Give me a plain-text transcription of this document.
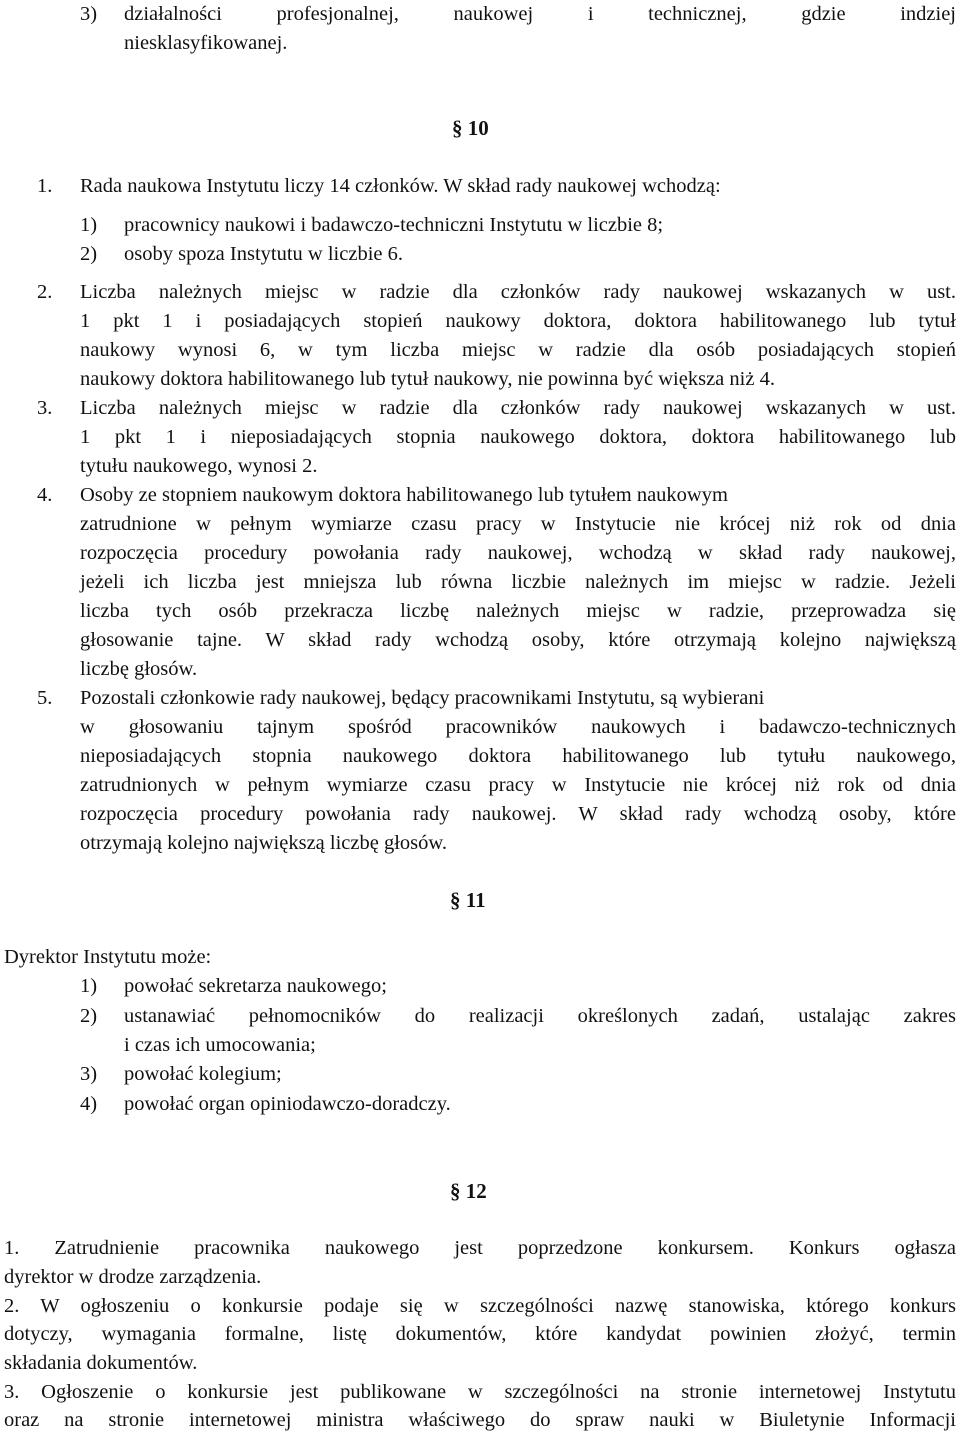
3) działalności profesjonalnej, naukowej i technicznej, gdzie indziej
niesklasyfikowanej.
§ 10
1. Rada naukowa Instytutu liczy 14 członków. W skład rady naukowej wchodzą:
1) pracownicy naukowi i badawczo-techniczni Instytutu w liczbie 8;
2) osoby spoza Instytutu w liczbie 6.
2. Liczba należnych miejsc w radzie dla członków rady naukowej wskazanych w ust.
1 pkt 1 i posiadających stopień naukowy doktora, doktora habilitowanego lub tytuł
naukowy wynosi 6, w tym liczba miejsc w radzie dla osób posiadających stopień
naukowy doktora habilitowanego lub tytuł naukowy, nie powinna być większa niż 4.
3. Liczba należnych miejsc w radzie dla członków rady naukowej wskazanych w ust.
1 pkt 1 i nieposiadających stopnia naukowego doktora, doktora habilitowanego lub
tytułu naukowego, wynosi 2.
4. Osoby ze stopniem naukowym doktora habilitowanego lub tytułem naukowym
zatrudnione w pełnym wymiarze czasu pracy w Instytucie nie krócej niż rok od dnia
rozpoczęcia procedury powołania rady naukowej, wchodzą w skład rady naukowej,
jeżeli ich liczba jest mniejsza lub równa liczbie należnych im miejsc w radzie. Jeżeli
liczba tych osób przekracza liczbę należnych miejsc w radzie, przeprowadza się
głosowanie tajne. W skład rady wchodzą osoby, które otrzymają kolejno największą
liczbę głosów.
5. Pozostali członkowie rady naukowej, będący pracownikami Instytutu, są wybierani
w głosowaniu tajnym spośród pracowników naukowych i badawczo-technicznych
nieposiadających stopnia naukowego doktora habilitowanego lub tytułu naukowego,
zatrudnionych w pełnym wymiarze czasu pracy w Instytucie nie krócej niż rok od dnia
rozpoczęcia procedury powołania rady naukowej. W skład rady wchodzą osoby, które
otrzymają kolejno największą liczbę głosów.
§ 11
Dyrektor Instytutu może:
1) powołać sekretarza naukowego;
2) ustanawiać pełnomocników do realizacji określonych zadań, ustalając zakres
i czas ich umocowania;
3) powołać kolegium;
4) powołać organ opiniodawczo-doradczy.
§ 12
1. Zatrudnienie pracownika naukowego jest poprzedzone konkursem. Konkurs ogłasza
dyrektor w drodze zarządzenia.
2. W ogłoszeniu o konkursie podaje się w szczególności nazwę stanowiska, którego konkurs
dotyczy, wymagania formalne, listę dokumentów, które kandydat powinien złożyć, termin
składania dokumentów.
3. Ogłoszenie o konkursie jest publikowane w szczególności na stronie internetowej Instytutu
oraz na stronie internetowej ministra właściwego do spraw nauki w Biuletynie Informacji
